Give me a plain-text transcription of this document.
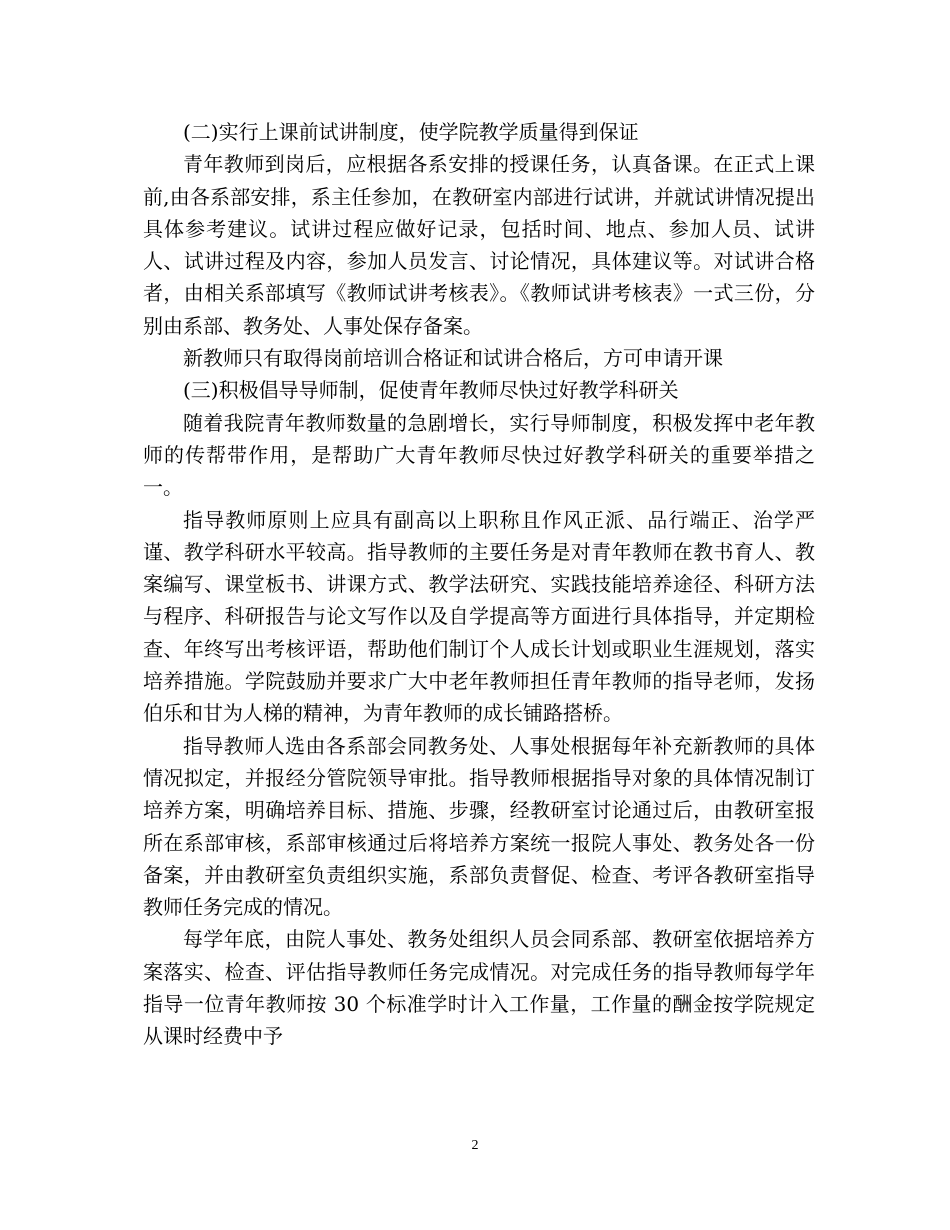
(二)实行上课前试讲制度，使学院教学质量得到保证

青年教师到岗后，应根据各系安排的授课任务，认真备课。在正式上课前,由各系部安排，系主任参加，在教研室内部进行试讲，并就试讲情况提出具体参考建议。试讲过程应做好记录，包括时间、地点、参加人员、试讲人、试讲过程及内容，参加人员发言、讨论情况，具体建议等。对试讲合格者，由相关系部填写《教师试讲考核表》。《教师试讲考核表》一式三份，分别由系部、教务处、人事处保存备案。

新教师只有取得岗前培训合格证和试讲合格后，方可申请开课

(三)积极倡导导师制，促使青年教师尽快过好教学科研关

随着我院青年教师数量的急剧增长，实行导师制度，积极发挥中老年教师的传帮带作用，是帮助广大青年教师尽快过好教学科研关的重要举措之一。

指导教师原则上应具有副高以上职称且作风正派、品行端正、治学严谨、教学科研水平较高。指导教师的主要任务是对青年教师在教书育人、教案编写、课堂板书、讲课方式、教学法研究、实践技能培养途径、科研方法与程序、科研报告与论文写作以及自学提高等方面进行具体指导，并定期检查、年终写出考核评语，帮助他们制订个人成长计划或职业生涯规划，落实培养措施。学院鼓励并要求广大中老年教师担任青年教师的指导老师，发扬伯乐和甘为人梯的精神，为青年教师的成长铺路搭桥。

指导教师人选由各系部会同教务处、人事处根据每年补充新教师的具体情况拟定，并报经分管院领导审批。指导教师根据指导对象的具体情况制订培养方案，明确培养目标、措施、步骤，经教研室讨论通过后，由教研室报所在系部审核，系部审核通过后将培养方案统一报院人事处、教务处各一份备案，并由教研室负责组织实施，系部负责督促、检查、考评各教研室指导教师任务完成的情况。

每学年底，由院人事处、教务处组织人员会同系部、教研室依据培养方案落实、检查、评估指导教师任务完成情况。对完成任务的指导教师每学年指导一位青年教师按 30 个标准学时计入工作量，工作量的酬金按学院规定从课时经费中予

2
